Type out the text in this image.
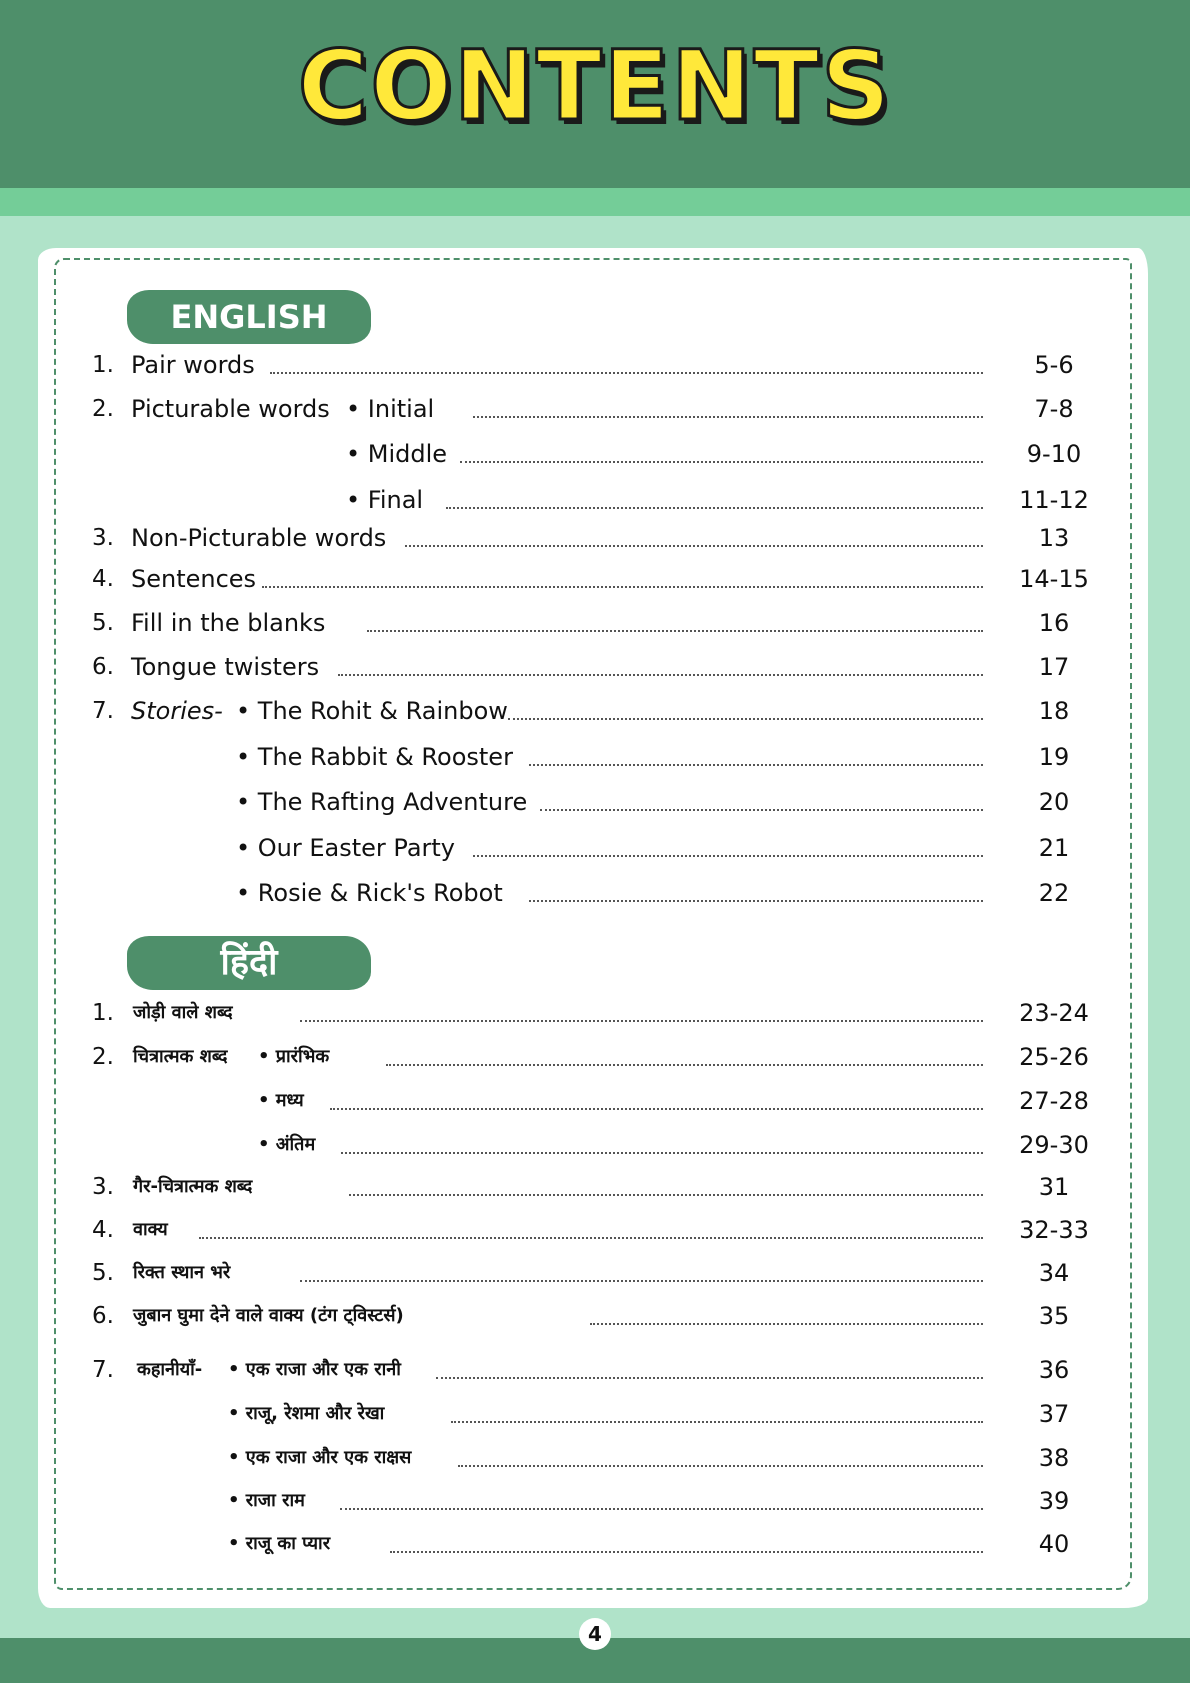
CONTENTS
ENGLISH
हिंदी
1. Pair words	5-6
2. Picturable words • Initial	7-8
• Middle	9-10
• Final	11-12
3. Non-Picturable words	13
4. Sentences	14-15
5. Fill in the blanks	16
6. Tongue twisters	17
7. Stories- • The Rohit & Rainbow	18
• The Rabbit & Rooster	19
• The Rafting Adventure	20
• Our Easter Party	21
• Rosie & Rick's Robot	22
1. जोड़ी वाले शब्द	23-24
2. चित्रात्मक शब्द • प्रारंभिक	25-26
• मध्य	27-28
• अंतिम	29-30
3. गैर-चित्रात्मक शब्द	31
4. वाक्य	32-33
5. रिक्त स्थान भरे	34
6. जुबान घुमा देने वाले वाक्य (टंग ट्विस्टर्स)	35
7. कहानीयाँ- • एक राजा और एक रानी	36
• राजू, रेशमा और रेखा	37
• एक राजा और एक राक्षस	38
• राजा राम	39
• राजू का प्यार	40
4
